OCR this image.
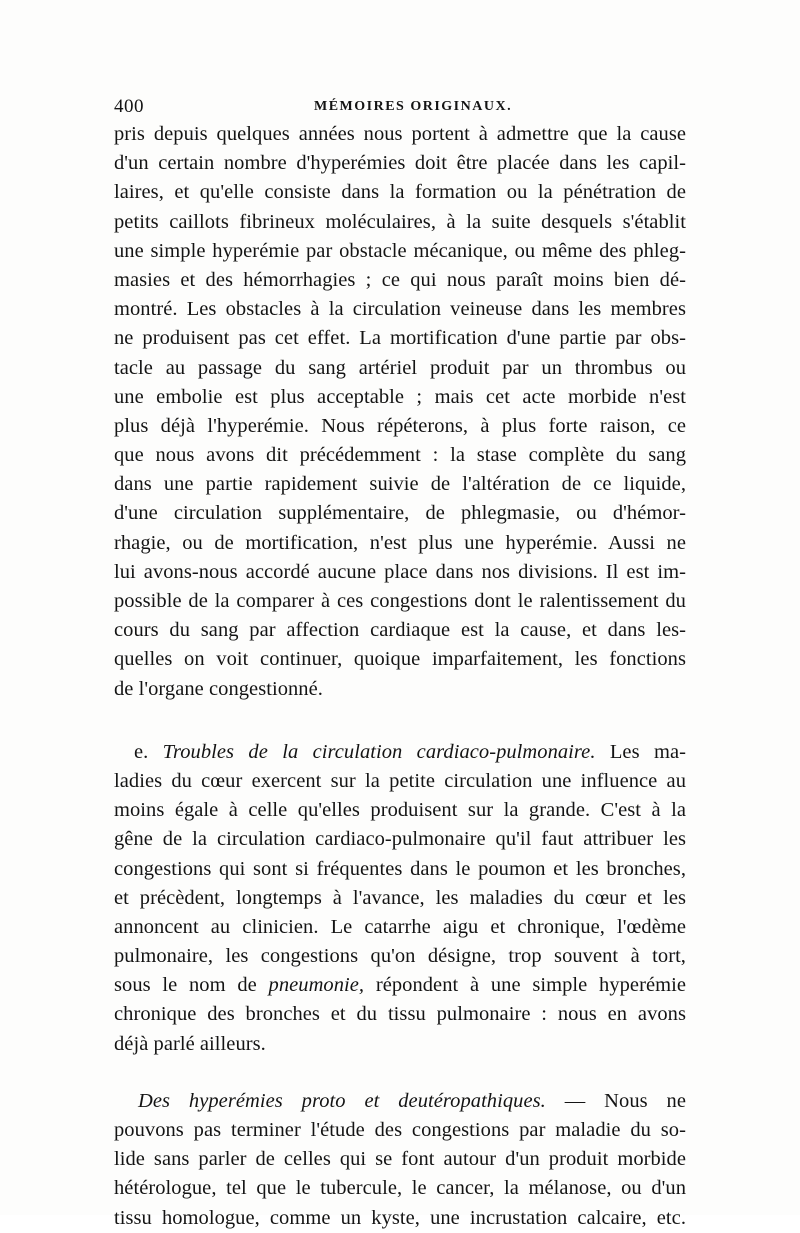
400	MÉMOIRES ORIGINAUX.
pris depuis quelques années nous portent à admettre que la cause
d'un certain nombre d'hyperémies doit être placée dans les capil-
laires, et qu'elle consiste dans la formation ou la pénétration de
petits caillots fibrineux moléculaires, à la suite desquels s'établit
une simple hyperémie par obstacle mécanique, ou même des phleg-
masies et des hémorrhagies ; ce qui nous paraît moins bien dé-
montré. Les obstacles à la circulation veineuse dans les membres
ne produisent pas cet effet. La mortification d'une partie par obs-
tacle au passage du sang artériel produit par un thrombus ou
une embolie est plus acceptable ; mais cet acte morbide n'est
plus déjà l'hyperémie. Nous répéterons, à plus forte raison, ce
que nous avons dit précédemment : la stase complète du sang
dans une partie rapidement suivie de l'altération de ce liquide,
d'une circulation supplémentaire, de phlegmasie, ou d'hémor-
rhagie, ou de mortification, n'est plus une hyperémie. Aussi ne
lui avons-nous accordé aucune place dans nos divisions. Il est im-
possible de la comparer à ces congestions dont le ralentissement du
cours du sang par affection cardiaque est la cause, et dans les-
quelles on voit continuer, quoique imparfaitement, les fonctions
de l'organe congestionné.
e. Troubles de la circulation cardiaco-pulmonaire. Les ma-
ladies du cœur exercent sur la petite circulation une influence au
moins égale à celle qu'elles produisent sur la grande. C'est à la
gêne de la circulation cardiaco-pulmonaire qu'il faut attribuer les
congestions qui sont si fréquentes dans le poumon et les bronches,
et précèdent, longtemps à l'avance, les maladies du cœur et les
annoncent au clinicien. Le catarrhe aigu et chronique, l'œdème
pulmonaire, les congestions qu'on désigne, trop souvent à tort,
sous le nom de pneumonie, répondent à une simple hyperémie
chronique des bronches et du tissu pulmonaire : nous en avons
déjà parlé ailleurs.
Des hyperémies proto et deutéropathiques. — Nous ne
pouvons pas terminer l'étude des congestions par maladie du so-
lide sans parler de celles qui se font autour d'un produit morbide
hétérologue, tel que le tubercule, le cancer, la mélanose, ou d'un
tissu homologue, comme un kyste, une incrustation calcaire, etc.
